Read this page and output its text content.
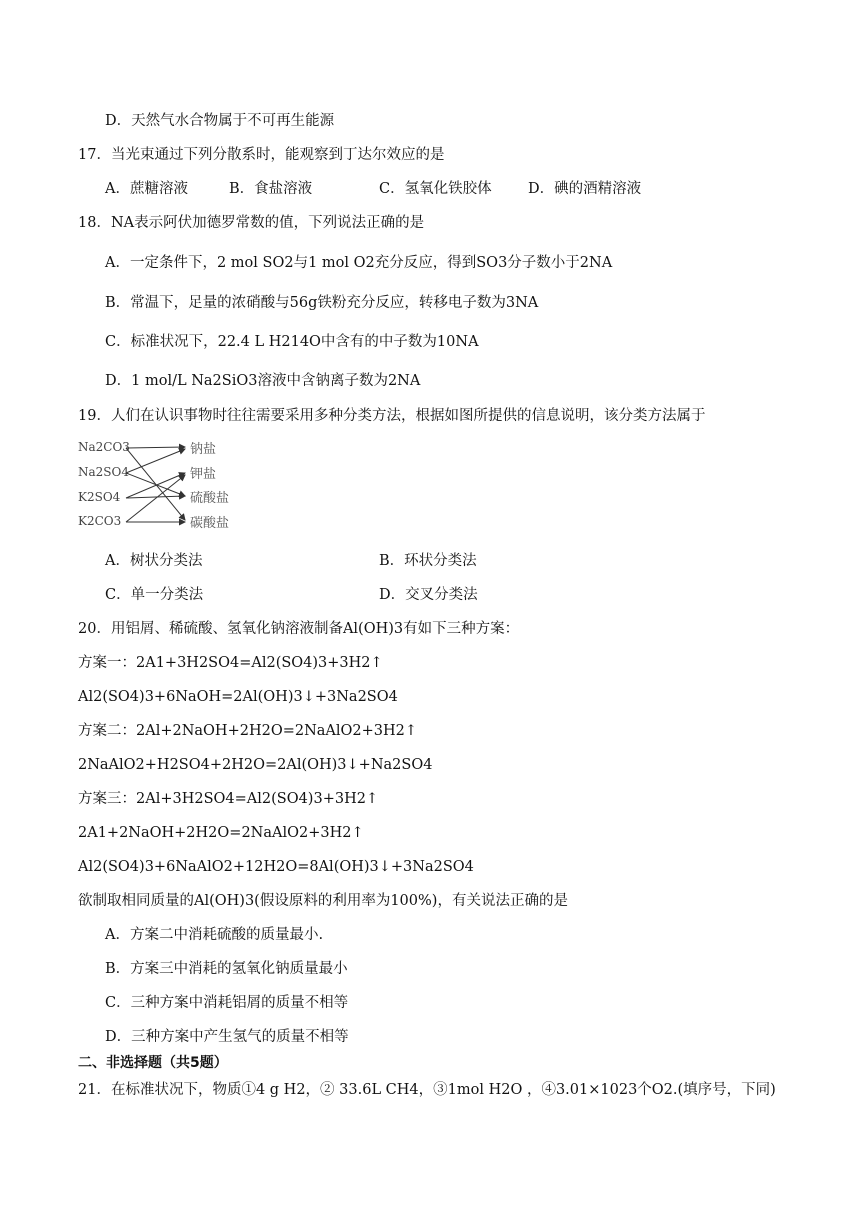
D．天然气水合物属于不可再生能源
17．当光束通过下列分散系时，能观察到丁达尔效应的是
A．蔗糖溶液	B．食盐溶液	C．氢氧化铁胶体	D．碘的酒精溶液
18．NA表示阿伏加德罗常数的值，下列说法正确的是
A．一定条件下，2 mol SO2与1 mol O2充分反应，得到SO3分子数小于2NA
B．常温下，足量的浓硝酸与56g铁粉充分反应，转移电子数为3NA
C．标准状况下，22.4 L H214O中含有的中子数为10NA
D．1 mol/L Na2SiO3溶液中含钠离子数为2NA
19．人们在认识事物时往往需要采用多种分类方法，根据如图所提供的信息说明，该分类方法属于
Na2CO3
Na2SO4
K2SO4
K2CO3
钠盐
钾盐
硫酸盐
碳酸盐
A．树状分类法	B．环状分类法
C．单一分类法	D．交叉分类法
20．用铝屑、稀硫酸、氢氧化钠溶液制备Al(OH)3有如下三种方案：
方案一：2A1+3H2SO4=Al2(SO4)3+3H2↑
Al2(SO4)3+6NaOH=2Al(OH)3↓+3Na2SO4
方案二：2Al+2NaOH+2H2O=2NaAlO2+3H2↑
2NaAlO2+H2SO4+2H2O=2Al(OH)3↓+Na2SO4
方案三：2Al+3H2SO4=Al2(SO4)3+3H2↑
2A1+2NaOH+2H2O=2NaAlO2+3H2↑
Al2(SO4)3+6NaAlO2+12H2O=8Al(OH)3↓+3Na2SO4
欲制取相同质量的Al(OH)3(假设原料的利用率为100%)，有关说法正确的是
A．方案二中消耗硫酸的质量最小.
B．方案三中消耗的氢氧化钠质量最小
C．三种方案中消耗铝屑的质量不相等
D．三种方案中产生氢气的质量不相等
二、非选择题（共5题）
21．在标准状况下，物质①4 g H2，② 33.6L CH4，③1mol H2O ，④3.01×1023个O2.(填序号，下同)
